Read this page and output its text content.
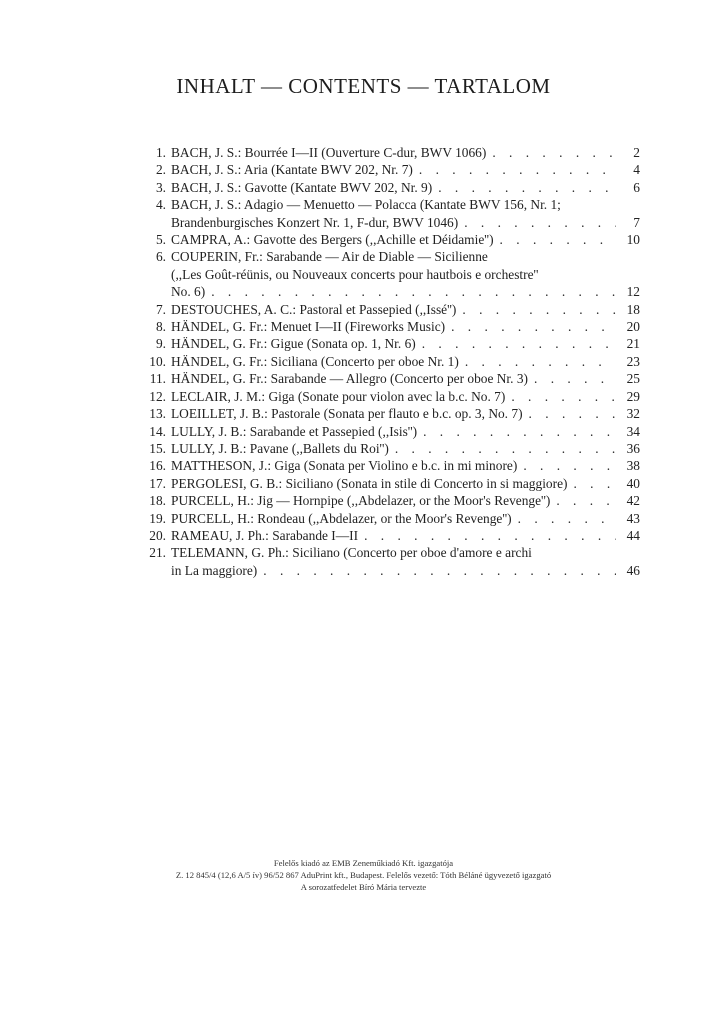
INHALT — CONTENTS — TARTALOM
1. BACH, J. S.: Bourrée I—II (Ouverture C-dur, BWV 1066) . . .	2
2. BACH, J. S.: Aria (Kantate BWV 202, Nr. 7) . . .	4
3. BACH, J. S.: Gavotte (Kantate BWV 202, Nr. 9) . . .	6
4. BACH, J. S.: Adagio — Menuetto — Polacca (Kantate BWV 156, Nr. 1;
Brandenburgisches Konzert Nr. 1, F-dur, BWV 1046) . . .	7
5. CAMPRA, A.: Gavotte des Bergers (,,Achille et Déidamie'') . . .	10
6. COUPERIN, Fr.: Sarabande — Air de Diable — Sicilienne
(,,Les Goût-réünis, ou Nouveaux concerts pour hautbois e orchestre''
No. 6) . . .	12
7. DESTOUCHES, A. C.: Pastoral et Passepied (,,Issé'') . . .	18
8. HÄNDEL, G. Fr.: Menuet I—II (Fireworks Music) . . .	20
9. HÄNDEL, G. Fr.: Gigue (Sonata op. 1, Nr. 6) . . .	21
10. HÄNDEL, G. Fr.: Siciliana (Concerto per oboe Nr. 1) . . .	23
11. HÄNDEL, G. Fr.: Sarabande — Allegro (Concerto per oboe Nr. 3) . . .	25
12. LECLAIR, J. M.: Giga (Sonate pour violon avec la b.c. No. 7) . . .	29
13. LOEILLET, J. B.: Pastorale (Sonata per flauto e b.c. op. 3, No. 7) . . .	32
14. LULLY, J. B.: Sarabande et Passepied (,,Isis'') . . .	34
15. LULLY, J. B.: Pavane (,,Ballets du Roi'') . . .	36
16. MATTHESON, J.: Giga (Sonata per Violino e b.c. in mi minore) . . .	38
17. PERGOLESI, G. B.: Siciliano (Sonata in stile di Concerto in si maggiore) . . .	40
18. PURCELL, H.: Jig — Hornpipe (,,Abdelazer, or the Moor's Revenge'') . . .	42
19. PURCELL, H.: Rondeau (,,Abdelazer, or the Moor's Revenge'') . . .	43
20. RAMEAU, J. Ph.: Sarabande I—II . . .	44
21. TELEMANN, G. Ph.: Siciliano (Concerto per oboe d'amore e archi
in La maggiore) . . .	46
Felelős kiadó az EMB Zeneműkiadó Kft. igazgatója
Z. 12 845/4 (12,6 A/5 ív) 96/52 867 AduPrint kft., Budapest. Felelős vezető: Tóth Béláné ügyvezető igazgató
A sorozatfedelet Bíró Mária tervezte
